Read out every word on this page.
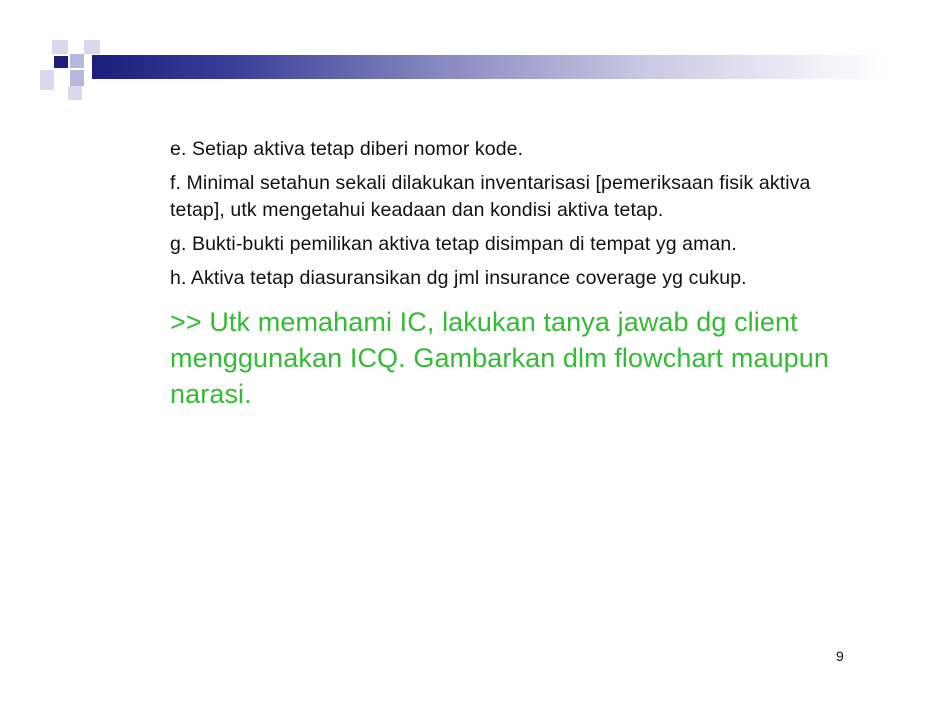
e. Setiap aktiva tetap diberi nomor kode.

f. Minimal setahun sekali dilakukan inventarisasi [pemeriksaan fisik aktiva tetap], utk mengetahui keadaan dan kondisi aktiva tetap.

g. Bukti-bukti pemilikan aktiva tetap disimpan di tempat yg aman.

h. Aktiva tetap diasuransikan dg jml insurance coverage yg cukup.

>> Utk memahami IC, lakukan tanya jawab dg client menggunakan ICQ. Gambarkan dlm flowchart maupun narasi.

9
